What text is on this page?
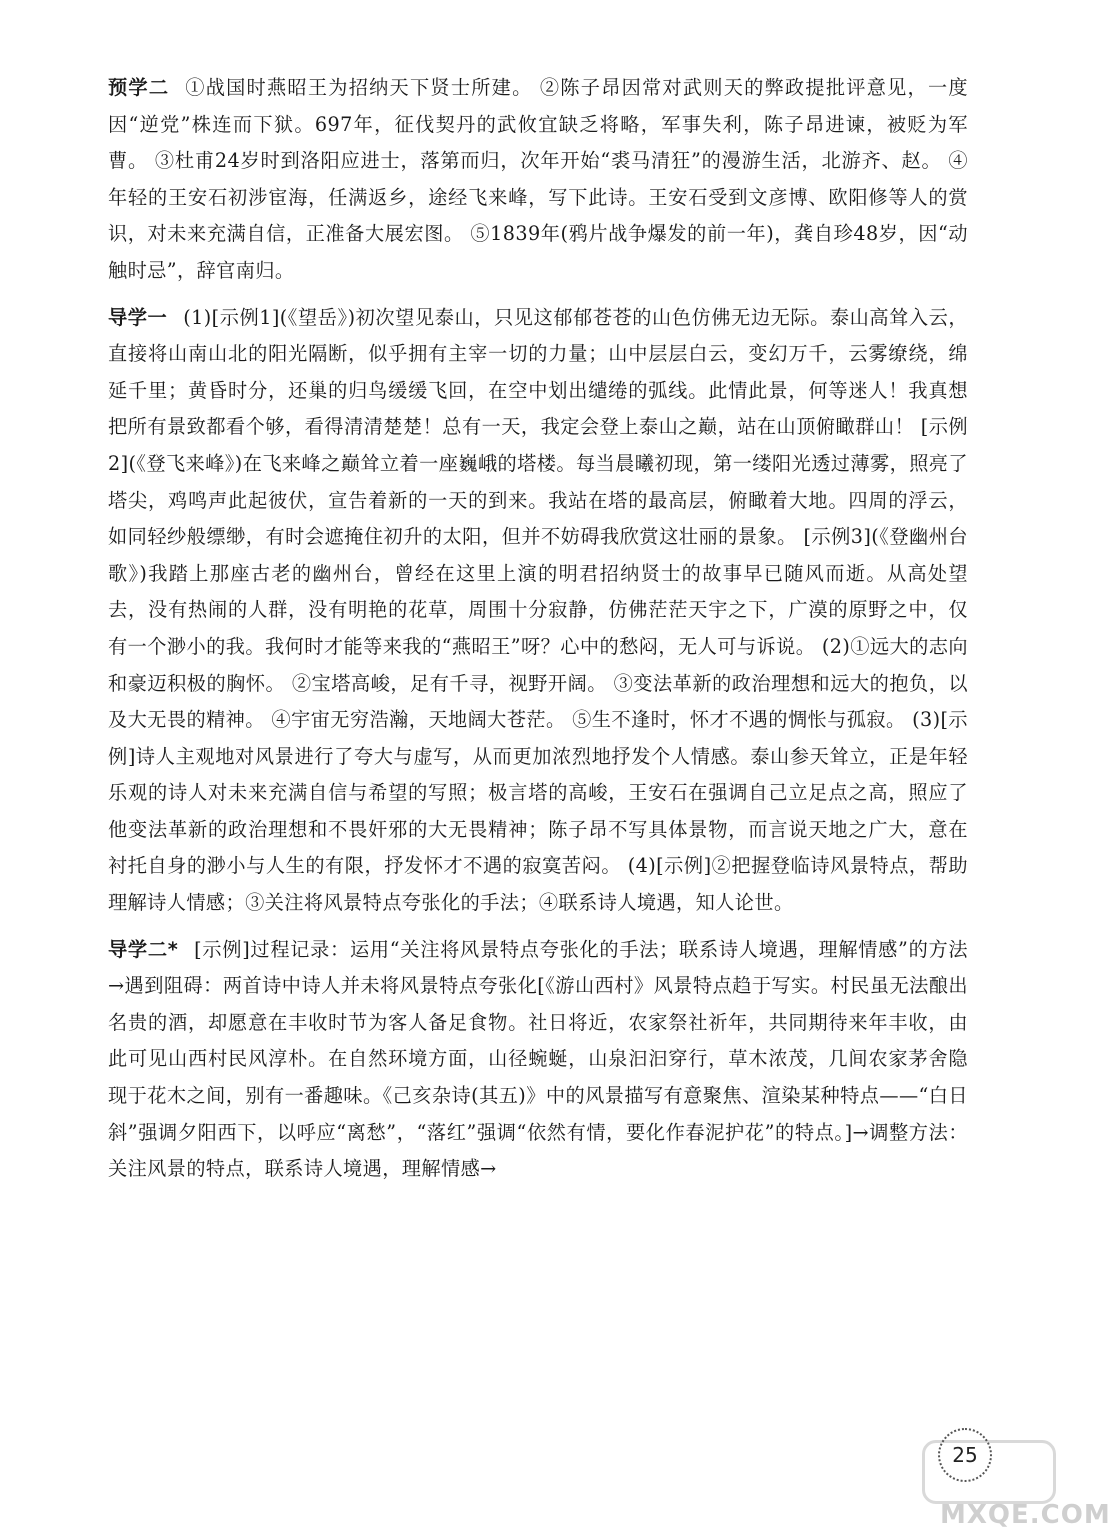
预学二 ①战国时燕昭王为招纳天下贤士所建。 ②陈子昂因常对武则天的弊政提批评意见，一度因“逆党”株连而下狱。697年，征伐契丹的武攸宜缺乏将略，军事失利，陈子昂进谏，被贬为军曹。 ③杜甫24岁时到洛阳应进士，落第而归，次年开始“裘马清狂”的漫游生活，北游齐、赵。 ④年轻的王安石初涉宦海，任满返乡，途经飞来峰，写下此诗。王安石受到文彦博、欧阳修等人的赏识，对未来充满自信，正准备大展宏图。 ⑤1839年(鸦片战争爆发的前一年)，龚自珍48岁，因“动触时忌”，辞官南归。

导学一 (1)[示例1](《望岳》)初次望见泰山，只见这郁郁苍苍的山色仿佛无边无际。泰山高耸入云，直接将山南山北的阳光隔断，似乎拥有主宰一切的力量；山中层层白云，变幻万千，云雾缭绕，绵延千里；黄昏时分，还巢的归鸟缓缓飞回，在空中划出缱绻的弧线。此情此景，何等迷人！我真想把所有景致都看个够，看得清清楚楚！总有一天，我定会登上泰山之巅，站在山顶俯瞰群山！ [示例2](《登飞来峰》)在飞来峰之巅耸立着一座巍峨的塔楼。每当晨曦初现，第一缕阳光透过薄雾，照亮了塔尖，鸡鸣声此起彼伏，宣告着新的一天的到来。我站在塔的最高层，俯瞰着大地。四周的浮云，如同轻纱般缥缈，有时会遮掩住初升的太阳，但并不妨碍我欣赏这壮丽的景象。 [示例3](《登幽州台歌》)我踏上那座古老的幽州台，曾经在这里上演的明君招纳贤士的故事早已随风而逝。从高处望去，没有热闹的人群，没有明艳的花草，周围十分寂静，仿佛茫茫天宇之下，广漠的原野之中，仅有一个渺小的我。我何时才能等来我的“燕昭王”呀？心中的愁闷，无人可与诉说。 (2)①远大的志向和豪迈积极的胸怀。 ②宝塔高峻，足有千寻，视野开阔。 ③变法革新的政治理想和远大的抱负，以及大无畏的精神。 ④宇宙无穷浩瀚，天地阔大苍茫。 ⑤生不逢时，怀才不遇的惆怅与孤寂。 (3)[示例]诗人主观地对风景进行了夸大与虚写，从而更加浓烈地抒发个人情感。泰山参天耸立，正是年轻乐观的诗人对未来充满自信与希望的写照；极言塔的高峻，王安石在强调自己立足点之高，照应了他变法革新的政治理想和不畏奸邪的大无畏精神；陈子昂不写具体景物，而言说天地之广大，意在衬托自身的渺小与人生的有限，抒发怀才不遇的寂寞苦闷。 (4)[示例]②把握登临诗风景特点，帮助理解诗人情感；③关注将风景特点夸张化的手法；④联系诗人境遇，知人论世。

导学二* [示例]过程记录：运用“关注将风景特点夸张化的手法；联系诗人境遇，理解情感”的方法→遇到阻碍：两首诗中诗人并未将风景特点夸张化[《游山西村》风景特点趋于写实。村民虽无法酿出名贵的酒，却愿意在丰收时节为客人备足食物。社日将近，农家祭社祈年，共同期待来年丰收，由此可见山西村民风淳朴。在自然环境方面，山径蜿蜒，山泉汩汩穿行，草木浓茂，几间农家茅舍隐现于花木之间，别有一番趣味。《己亥杂诗(其五)》中的风景描写有意聚焦、渲染某种特点——“白日斜”强调夕阳西下，以呼应“离愁”，“落红”强调“依然有情，要化作春泥护花”的特点。]→调整方法：关注风景的特点，联系诗人境遇，理解情感→

MXQE.COM
25
